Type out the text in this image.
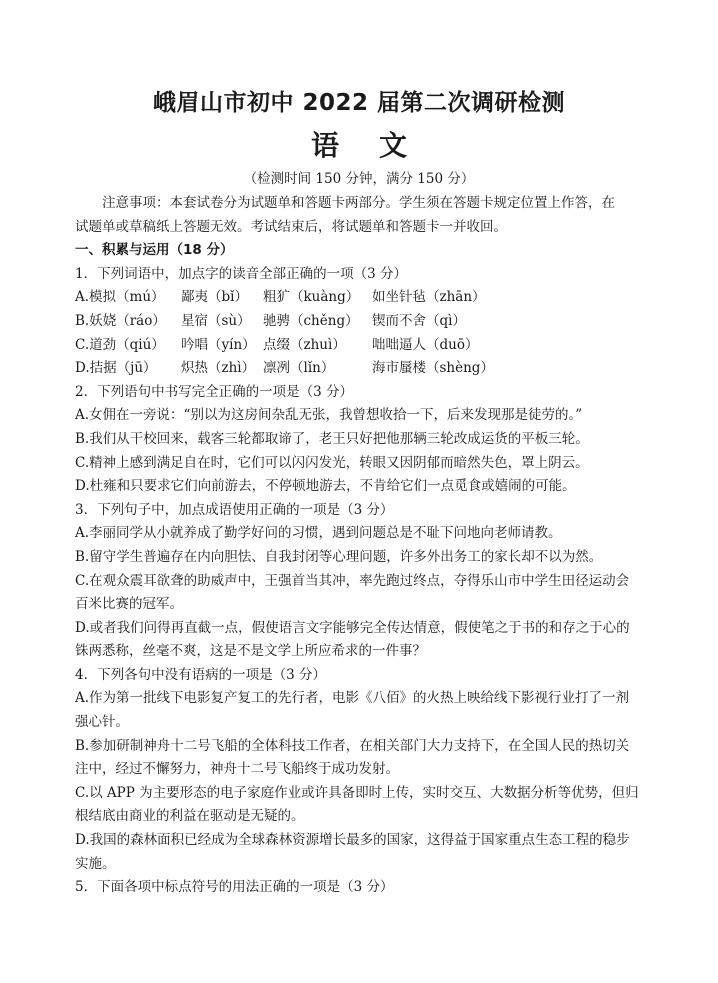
峨眉山市初中 2022 届第二次调研检测
语文
（检测时间 150 分钟，满分 150 分）
注意事项：本套试卷分为试题单和答题卡两部分。学生须在答题卡规定位置上作答，在
试题单或草稿纸上答题无效。考试结束后，将试题单和答题卡一并收回。
一、积累与运用（18 分）
1．下列词语中，加点字的读音全部正确的一项（3 分）
A.模拟（mú）	鄙夷（bǐ）	粗犷（kuàng） 如坐针毡（zhān）
B.妖娆（ráo）	星宿（sù） 驰骋（chěng） 锲而不舍（qì）
C.道劲（qiú）	吟唱（yín） 点缀（zhuì）	咄咄逼人（duō）
D.拮据（jū）	炽热（zhì） 凛冽（lǐn）	海市蜃楼（shèng）
2．下列语句中书写完全正确的一项是（3 分）
A.女佣在一旁说：“别以为这房间杂乱无张，我曾想收拾一下，后来发现那是徒劳的。”
B.我们从干校回来，载客三轮都取谛了，老王只好把他那辆三轮改成运货的平板三轮。
C.精神上感到满足自在时，它们可以闪闪发光，转眼又因阴郁而暗然失色，罩上阴云。
D.杜雍和只要求它们向前游去，不停顿地游去，不肯给它们一点觅食或嬉闹的可能。
3．下列句子中，加点成语使用正确的一项是（3 分）
A.李丽同学从小就养成了勤学好问的习惯，遇到问题总是不耻下问地向老师请教。
B.留守学生普遍存在内向胆怯、自我封闭等心理问题，许多外出务工的家长却不以为然。
C.在观众震耳欲聋的助威声中，王强首当其冲，率先跑过终点，夺得乐山市中学生田径运动会
百米比赛的冠军。
D.或者我们问得再直截一点，假使语言文字能够完全传达情意，假使笔之于书的和存之于心的
铢两悉称，丝毫不爽，这是不是文学上所应希求的一件事？
4．下列各句中没有语病的一项是（3 分）
A.作为第一批线下电影复产复工的先行者，电影《八佰》的火热上映给线下影视行业打了一剂
强心针。
B.参加研制神舟十二号飞船的全体科技工作者，在相关部门大力支持下，在全国人民的热切关
注中，经过不懈努力，神舟十二号飞船终于成功发射。
C.以 APP 为主要形态的电子家庭作业或许具备即时上传，实时交互、大数据分析等优势，但归
根结底由商业的利益在驱动是无疑的。
D.我国的森林面积已经成为全球森林资源增长最多的国家，这得益于国家重点生态工程的稳步
实施。
5．下面各项中标点符号的用法正确的一项是（3 分）
